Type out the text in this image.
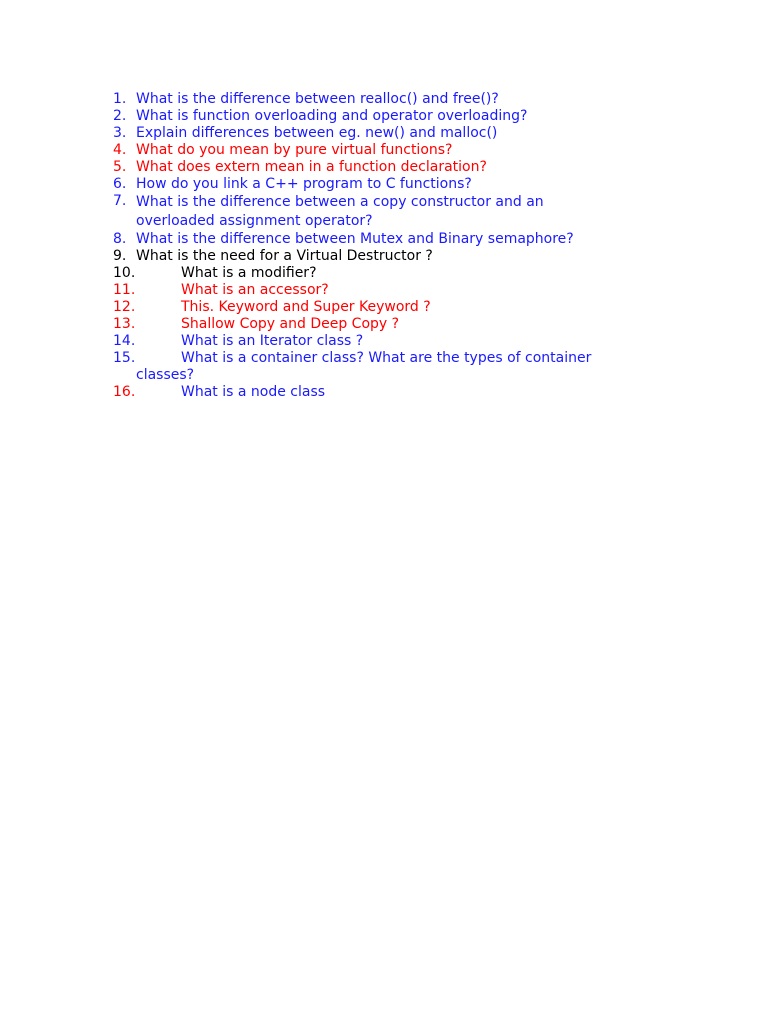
1. What is the difference between realloc() and free()?
2. What is function overloading and operator overloading?
3. Explain differences between eg. new() and malloc()
4. What do you mean by pure virtual functions?
5. What does extern mean in a function declaration?
6. How do you link a C++ program to C functions?
7. What is the difference between a copy constructor and an overloaded assignment operator?
8. What is the difference between Mutex and Binary semaphore?
9. What is the need for a Virtual Destructor ?
10.	What is a modifier?
11.	What is an accessor?
12.	This. Keyword and Super Keyword ?
13.	Shallow Copy and Deep Copy ?
14.	What is an Iterator class ?
15.	What is a container class? What are the types of container
classes?
16.	What is a node class
